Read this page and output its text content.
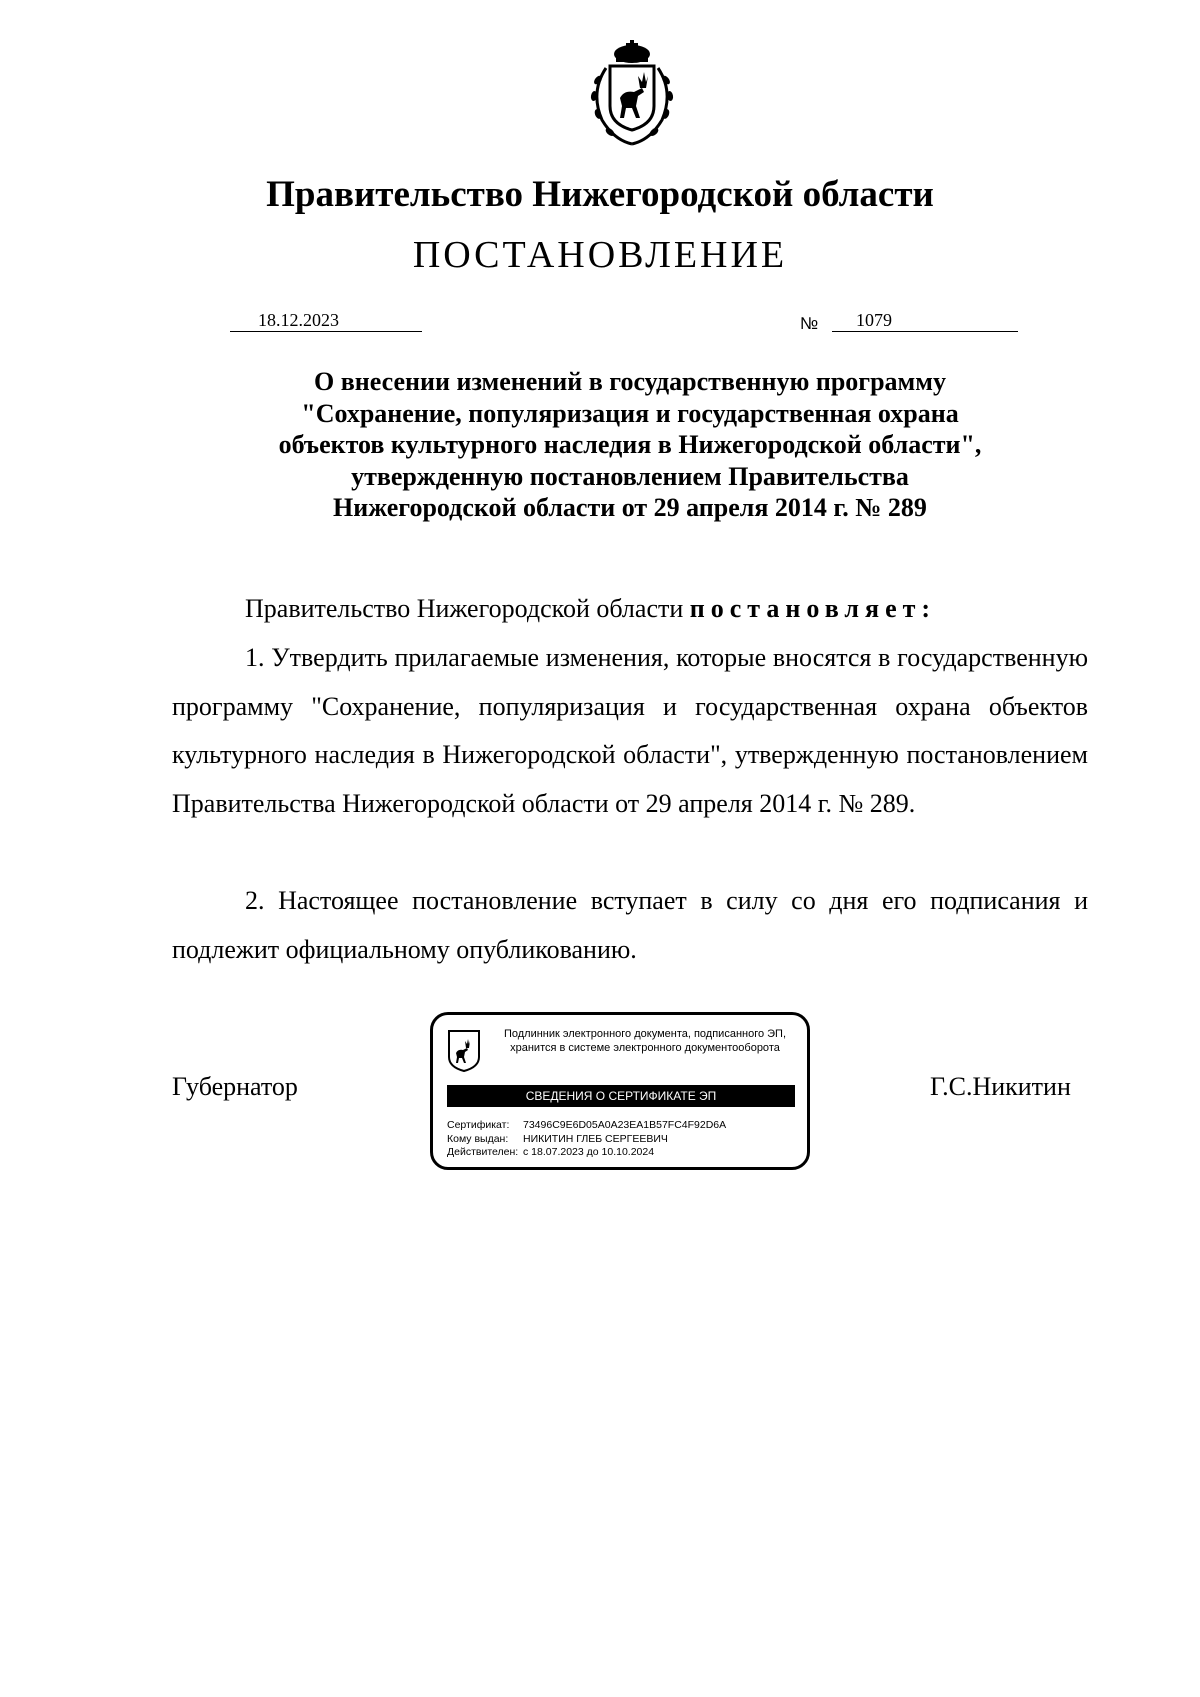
Правительство Нижегородской области
ПОСТАНОВЛЕНИЕ
18.12.2023	№	1079
О внесении изменений в государственную программу
"Сохранение, популяризация и государственная охрана
объектов культурного наследия в Нижегородской области",
утвержденную постановлением Правительства
Нижегородской области от 29 апреля 2014 г. № 289

Правительство Нижегородской области постановляет:

1. Утвердить прилагаемые изменения, которые вносятся в государственную программу "Сохранение, популяризация и государственная охрана объектов культурного наследия в Нижегородской области", утвержденную постановлением Правительства Нижегородской области от 29 апреля 2014 г. № 289.

2. Настоящее постановление вступает в силу со дня его подписания и подлежит официальному опубликованию.

Губернатор	Г.С.Никитин
Подлинник электронного документа, подписанного ЭП, хранится в системе электронного документооборота
СВЕДЕНИЯ О СЕРТИФИКАТЕ ЭП
Сертификат: 73496C9E6D05A0A23EA1B57FC4F92D6A
Кому выдан: НИКИТИН ГЛЕБ СЕРГЕЕВИЧ
Действителен: с 18.07.2023 до 10.10.2024
